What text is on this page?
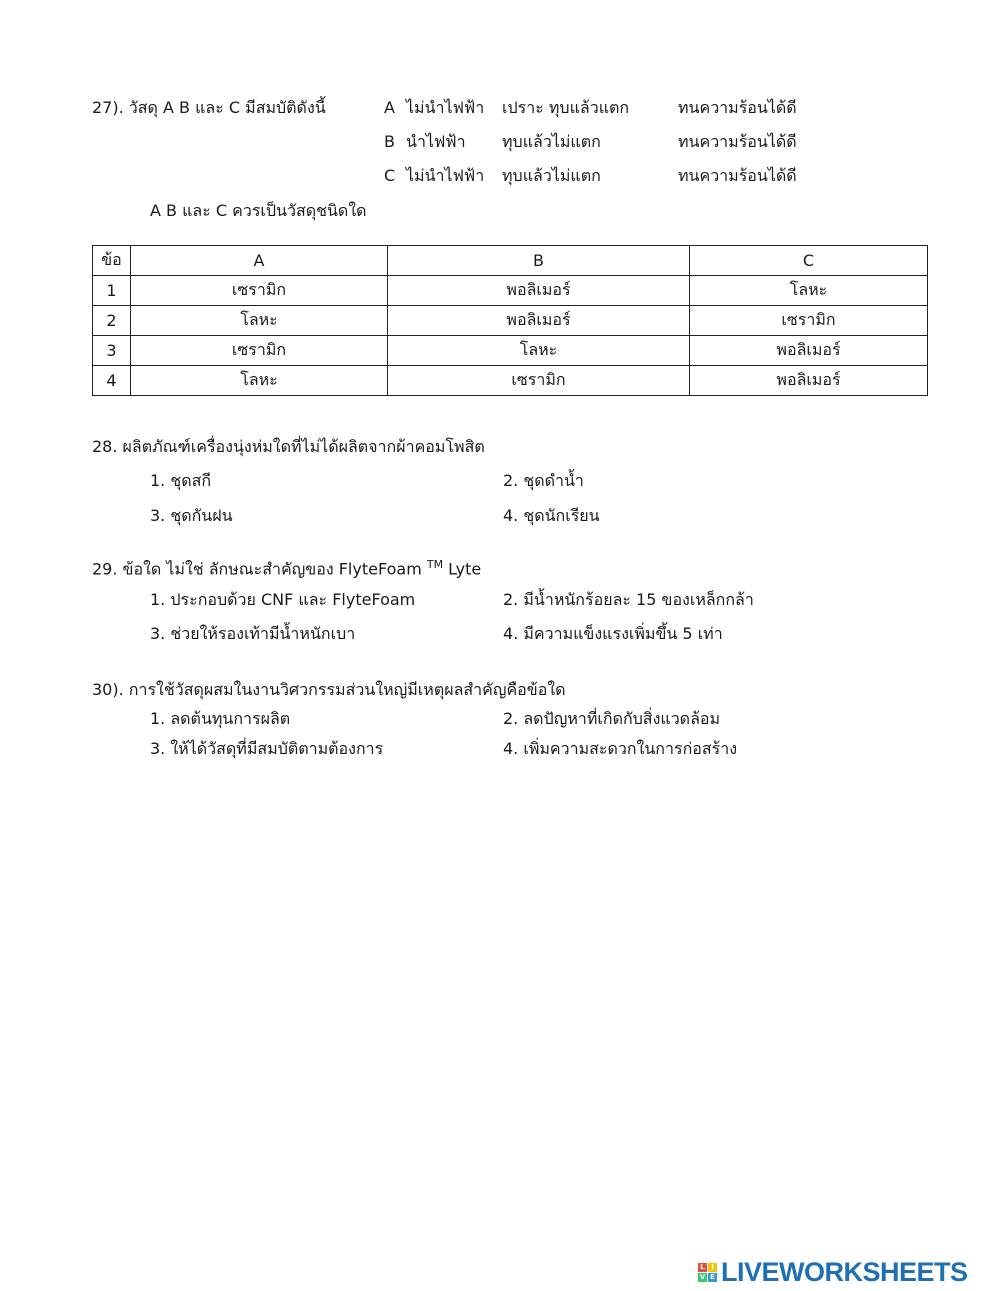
27). วัสดุ A B และ C มีสมบัติดังนี้	A ไม่นำไฟฟ้า เปราะ ทุบแล้วแตก	ทนความร้อนได้ดี
B นำไฟฟ้า ทุบแล้วไม่แตก	ทนความร้อนได้ดี
C ไม่นำไฟฟ้า ทุบแล้วไม่แตก	ทนความร้อนได้ดี
A B และ C ควรเป็นวัสดุชนิดใด
ข้อ	A	B	C
1	เซรามิก	พอลิเมอร์	โลหะ
2	โลหะ	พอลิเมอร์	เซรามิก
3	เซรามิก	โลหะ	พอลิเมอร์
4	โลหะ	เซรามิก	พอลิเมอร์
28. ผลิตภัณฑ์เครื่องนุ่งห่มใดที่ไม่ได้ผลิตจากผ้าคอมโพสิต
1. ชุดสกี	2. ชุดดำน้ำ
3. ชุดกันฝน	4. ชุดนักเรียน
29. ข้อใด ไม่ใช่ ลักษณะสำคัญของ FlyteFoam ™ Lyte
1. ประกอบด้วย CNF และ FlyteFoam	2. มีน้ำหนักร้อยละ 15 ของเหล็กกล้า
3. ช่วยให้รองเท้ามีน้ำหนักเบา	4. มีความแข็งแรงเพิ่มขึ้น 5 เท่า
30). การใช้วัสดุผสมในงานวิศวกรรมส่วนใหญ่มีเหตุผลสำคัญคือข้อใด
1. ลดต้นทุนการผลิต	2. ลดปัญหาที่เกิดกับสิ่งแวดล้อม
3. ให้ได้วัสดุที่มีสมบัติตามต้องการ	4. เพิ่มความสะดวกในการก่อสร้าง
L I
V E LIVEWORKSHEETS
